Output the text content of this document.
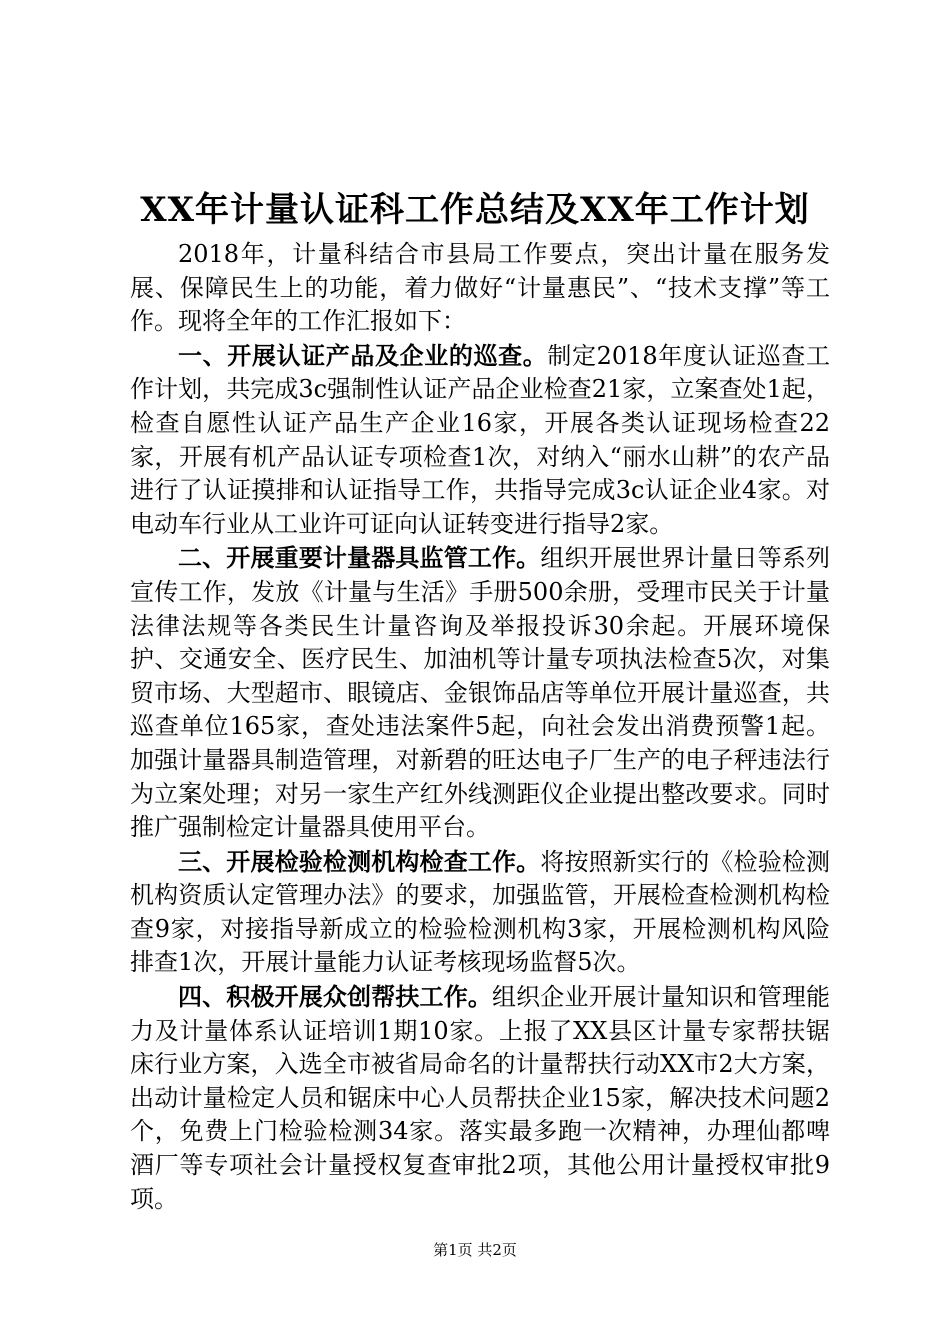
XX年计量认证科工作总结及XX年工作计划

2018年，计量科结合市县局工作要点，突出计量在服务发展、保障民生上的功能，着力做好“计量惠民”、“技术支撑”等工作。现将全年的工作汇报如下：

一、开展认证产品及企业的巡查。制定2018年度认证巡查工作计划，共完成3c强制性认证产品企业检查21家，立案查处1起，检查自愿性认证产品生产企业16家，开展各类认证现场检查22家，开展有机产品认证专项检查1次，对纳入“丽水山耕”的农产品进行了认证摸排和认证指导工作，共指导完成3c认证企业4家。对电动车行业从工业许可证向认证转变进行指导2家。

二、开展重要计量器具监管工作。组织开展世界计量日等系列宣传工作，发放《计量与生活》手册500余册，受理市民关于计量法律法规等各类民生计量咨询及举报投诉30余起。开展环境保护、交通安全、医疗民生、加油机等计量专项执法检查5次，对集贸市场、大型超市、眼镜店、金银饰品店等单位开展计量巡查，共巡查单位165家，查处违法案件5起，向社会发出消费预警1起。加强计量器具制造管理，对新碧的旺达电子厂生产的电子秤违法行为立案处理；对另一家生产红外线测距仪企业提出整改要求。同时推广强制检定计量器具使用平台。

三、开展检验检测机构检查工作。将按照新实行的《检验检测机构资质认定管理办法》的要求，加强监管，开展检查检测机构检查9家，对接指导新成立的检验检测机构3家，开展检测机构风险排查1次，开展计量能力认证考核现场监督5次。

四、积极开展众创帮扶工作。组织企业开展计量知识和管理能力及计量体系认证培训1期10家。上报了XX县区计量专家帮扶锯床行业方案，入选全市被省局命名的计量帮扶行动XX市2大方案，出动计量检定人员和锯床中心人员帮扶企业15家，解决技术问题2个，免费上门检验检测34家。落实最多跑一次精神，办理仙都啤酒厂等专项社会计量授权复查审批2项，其他公用计量授权审批9项。

第1页 共2页
